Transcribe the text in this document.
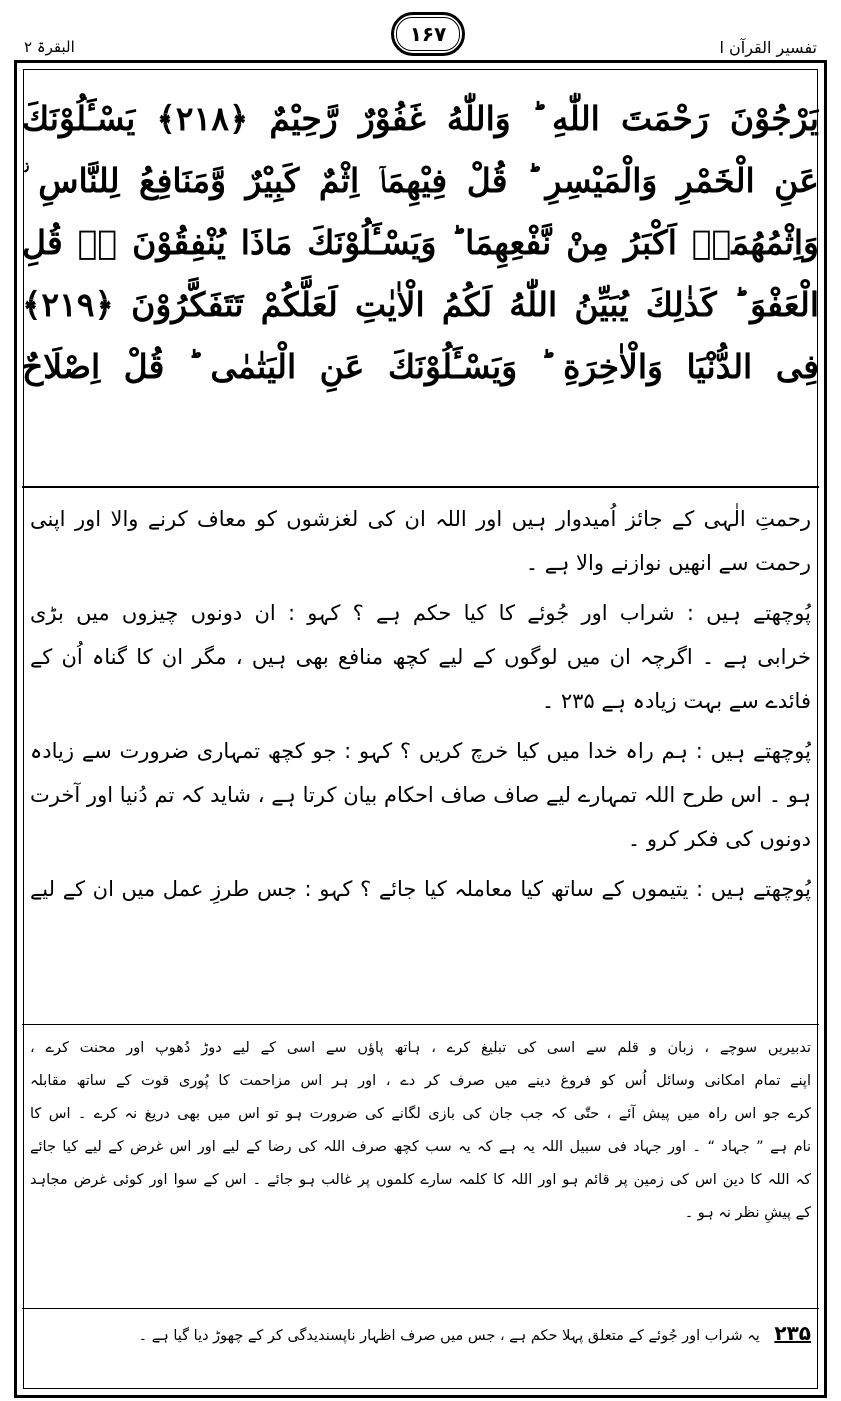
البقرۃ ۲
۱۶۷
تفسیر القرآن ا
يَرْجُوْنَ رَحْمَتَ اللّٰهِ ؕ وَاللّٰهُ غَفُوْرٌ رَّحِيْمٌ ﴿۲۱۸﴾ يَسْـَٔلُوْنَكَ
عَنِ الْخَمْرِ وَالْمَيْسِرِ ؕ قُلْ فِيْهِمَاۤ اِثْمٌ كَبِيْرٌ وَّمَنَافِعُ لِلنَّاسِ ؗ
وَاِثْمُهُمَاۤ اَكْبَرُ مِنْ نَّفْعِهِمَا ؕ وَيَسْـَٔلُوْنَكَ مَاذَا يُنْفِقُوْنَ ؕ۬ قُلِ
الْعَفْوَ ؕ كَذٰلِكَ يُبَيِّنُ اللّٰهُ لَكُمُ الْاٰيٰتِ لَعَلَّكُمْ تَتَفَكَّرُوْنَ ﴿۲۱۹﴾
فِى الدُّنْيَا وَالْاٰخِرَةِ ؕ وَيَسْـَٔلُوْنَكَ عَنِ الْيَتٰمٰى ؕ قُلْ اِصْلَاحٌ
رحمتِ الٰہی کے جائز اُمیدوار ہیں اور اللہ ان کی لغزشوں کو معاف کرنے والا اور اپنی
رحمت سے انھیں نوازنے والا ہے ۔
پُوچھتے ہیں : شراب اور جُوئے کا کیا حکم ہے ؟ کہو : ان دونوں چیزوں میں بڑی
خرابی ہے ۔ اگرچہ ان میں لوگوں کے لیے کچھ منافع بھی ہیں ، مگر ان کا گناہ اُن کے
فائدے سے بہت زیادہ ہے ۲۳۵ ۔
پُوچھتے ہیں : ہم راہ خدا میں کیا خرچ کریں ؟ کہو : جو کچھ تمہاری ضرورت سے زیادہ
ہو ۔ اس طرح اللہ تمہارے لیے صاف صاف احکام بیان کرتا ہے ، شاید کہ تم دُنیا اور آخرت
دونوں کی فکر کرو ۔
پُوچھتے ہیں : یتیموں کے ساتھ کیا معاملہ کیا جائے ؟ کہو : جس طرزِ عمل میں ان کے لیے
تدبیریں سوچے ، زبان و قلم سے اسی کی تبلیغ کرے ، ہاتھ پاؤں سے اسی کے لیے دوڑ دُھوپ اور محنت کرے ،
اپنے تمام امکانی وسائل اُس کو فروغ دینے میں صرف کر دے ، اور ہر اس مزاحمت کا پُوری قوت کے ساتھ مقابلہ
کرے جو اس راہ میں پیش آئے ، حتّٰی کہ جب جان کی بازی لگانے کی ضرورت ہو تو اس میں بھی دریغ نہ کرے ۔ اس کا
نام ہے ” جہاد “ ۔ اور جہاد فی سبیل اللہ یہ ہے کہ یہ سب کچھ صرف اللہ کی رضا کے لیے اور اس غرض کے لیے کیا جائے
کہ اللہ کا دین اس کی زمین پر قائم ہو اور اللہ کا کلمہ سارے کلموں پر غالب ہو جائے ۔ اس کے سوا اور کوئی غرض مجاہد
کے پیشِ نظر نہ ہو ۔
۲۳۵ یہ شراب اور جُوئے کے متعلق پہلا حکم ہے ، جس میں صرف اظہار ناپسندیدگی کر کے چھوڑ دیا گیا ہے ۔
